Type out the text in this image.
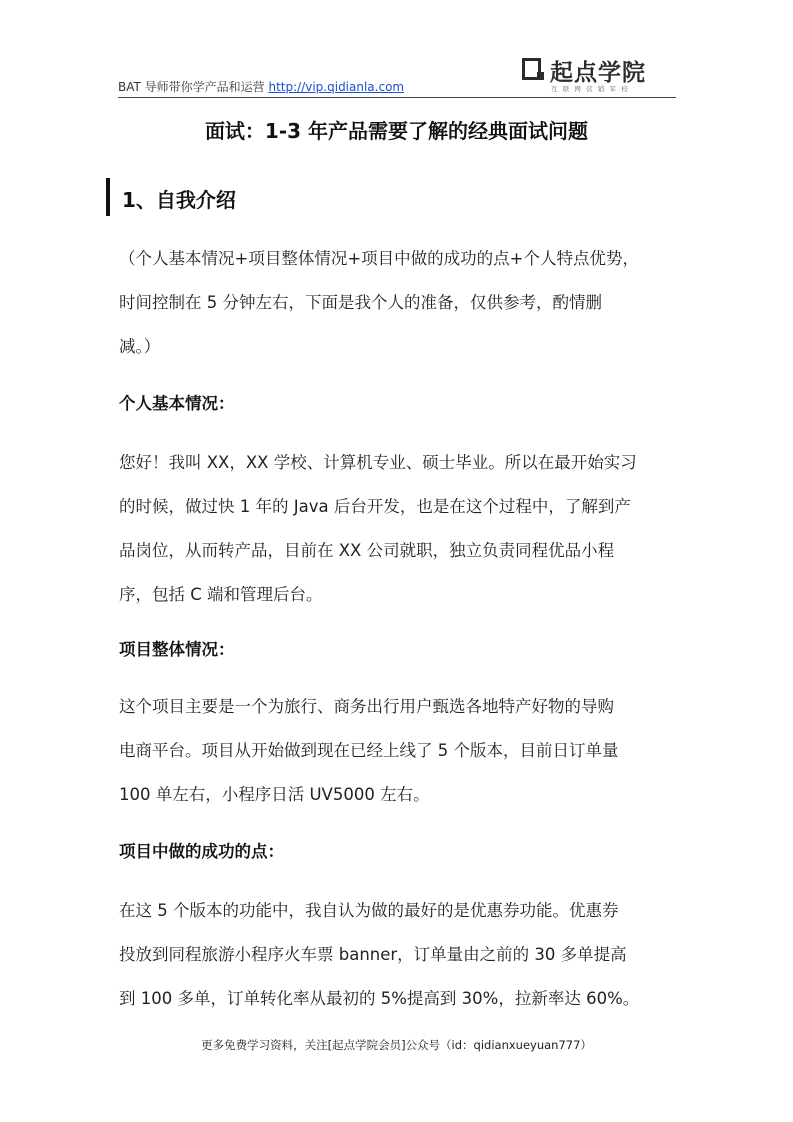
BAT 导师带你学产品和运营 http://vip.qidianla.com
起点学院
互联网营销军校
面试：1-3 年产品需要了解的经典面试问题
1、自我介绍

（个人基本情况+项目整体情况+项目中做的成功的点+个人特点优势，
时间控制在 5 分钟左右，下面是我个人的准备，仅供参考，酌情删
减。）

个人基本情况：

您好！我叫 XX，XX 学校、计算机专业、硕士毕业。所以在最开始实习
的时候，做过快 1 年的 Java 后台开发，也是在这个过程中，了解到产
品岗位，从而转产品，目前在 XX 公司就职，独立负责同程优品小程
序，包括 C 端和管理后台。

项目整体情况：

这个项目主要是一个为旅行、商务出行用户甄选各地特产好物的导购
电商平台。项目从开始做到现在已经上线了 5 个版本，目前日订单量
100 单左右，小程序日活 UV5000 左右。

项目中做的成功的点：

在这 5 个版本的功能中，我自认为做的最好的是优惠券功能。优惠券
投放到同程旅游小程序火车票 banner，订单量由之前的 30 多单提高
到 100 多单，订单转化率从最初的 5%提高到 30%，拉新率达 60%。

更多免费学习资料，关注[起点学院会员]公众号（id：qidianxueyuan777）
